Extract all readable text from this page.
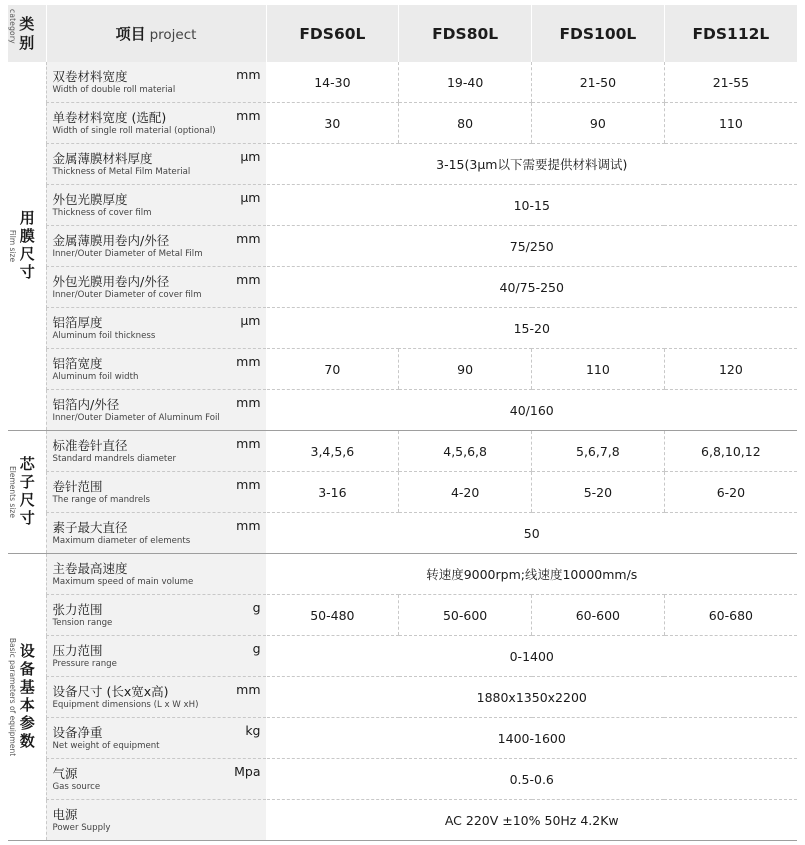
category 类别	项目 project	FDS60L	FDS80L	FDS100L	FDS112L

Film size 用膜尺寸	双卷材料宽度
Width of double roll material
mm	14-30	19-40	21-50	21-55

	单卷材料宽度 (选配)
Width of single roll material (optional)
mm	30	80	90	110

	金属薄膜材料厚度
Thickness of Metal Film Material
μm	3-15(3μm以下需要提供材料调试)			

	外包光膜厚度
Thickness of cover film
μm	10-15			

	金属薄膜用卷内/外径
Inner/Outer Diameter of Metal Film
mm	75/250			

	外包光膜用卷内/外径
Inner/Outer Diameter of cover film
mm	40/75-250			

	铝箔厚度
Aluminum foil thickness
μm	15-20			

	铝箔宽度
Aluminum foil width
mm	70	90	110	120

	铝箔内/外径
Inner/Outer Diameter of Aluminum Foil
mm	40/160			

Elements size 芯子尺寸	标准卷针直径
Standard mandrels diameter
mm	3,4,5,6	4,5,6,8	5,6,7,8	6,8,10,12

	卷针范围
The range of mandrels
mm	3-16	4-20	5-20	6-20

	素子最大直径
Maximum diameter of elements
mm	50			

Basic parameters of equipment 设备基本参数	主卷最高速度
Maximum speed of main volume	转速度9000rpm;线速度10000mm/s			

	张力范围
Tension range
g	50-480	50-600	60-600	60-680

	压力范围
Pressure range
g	0-1400			

	设备尺寸 (长x宽x高)
Equipment dimensions (L x W xH)
mm	1880x1350x2200			

	设备净重
Net weight of equipment
kg	1400-1600			

	气源
Gas source
Mpa	0.5-0.6			

	电源
Power Supply	AC 220V ±10% 50Hz 4.2Kw			
